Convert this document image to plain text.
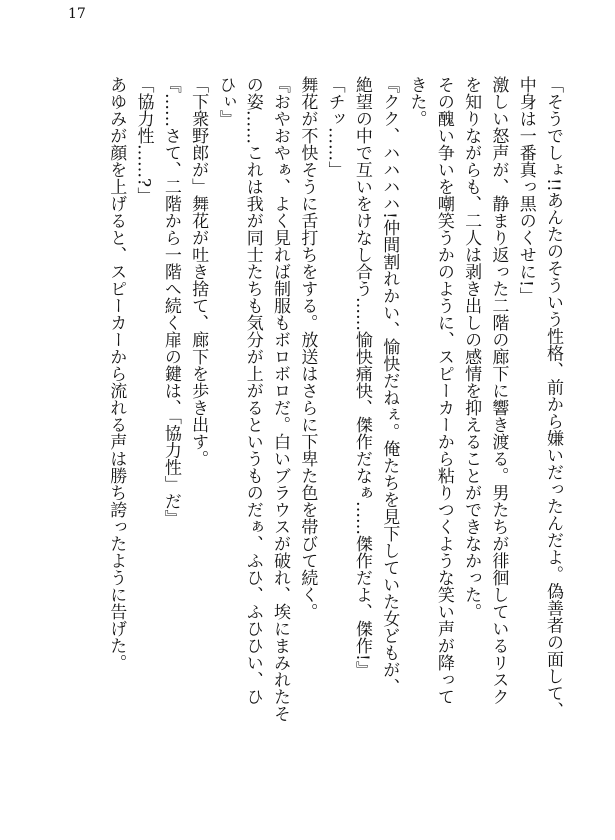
17
「そうでしょ!!あんたのそういう性格、前から嫌いだったんだよ。偽善者の面して、
中身は一番真っ黒のくせに!」
激しい怒声が、静まり返った二階の廊下に響き渡る。男たちが徘徊しているリスク
を知りながらも、二人は剥き出しの感情を抑えることができなかった。
その醜い争いを嘲笑うかのように、スピーカーから粘りつくような笑い声が降って
きた。
『クク、ハハハハ!仲間割れかい、愉快だねぇ。俺たちを見下していた女どもが、
絶望の中で互いをけなし合う……愉快痛快、傑作だなぁ……傑作だよ、傑作!』
「チッ……」
舞花が不快そうに舌打ちをする。放送はさらに下卑た色を帯びて続く。
『おやおやぁ、よく見れば制服もボロボロだ。白いブラウスが破れ、埃にまみれたそ
の姿……これは我が同士たちも気分が上がるというものだぁ、ふひ、ふひひい、ひ
ひぃ』
「下衆野郎が」舞花が吐き捨て、廊下を歩き出す。
『……さて、二階から一階へ続く扉の鍵は、「協力性」だ』
「協力性……?」
あゆみが顔を上げると、スピーカーから流れる声は勝ち誇ったように告げた。
